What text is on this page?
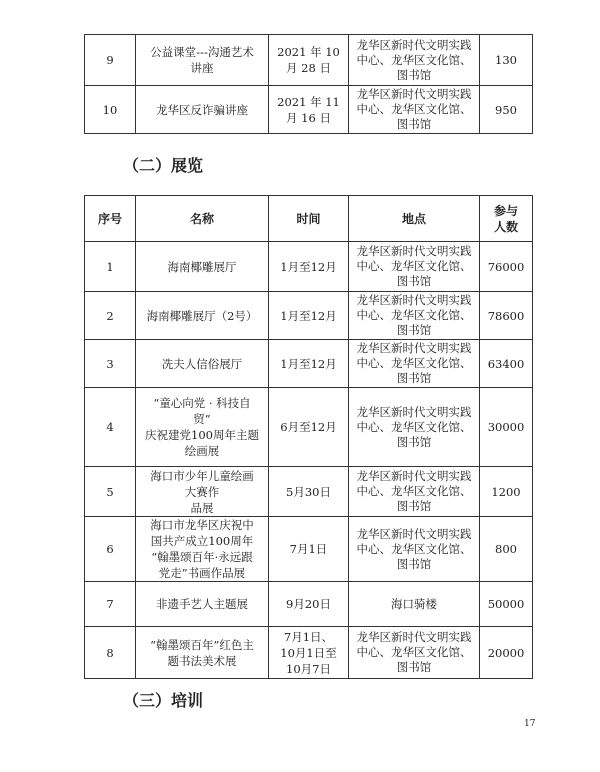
9	公益课堂---沟通艺术
讲座	2021 年 10
月 28 日	龙华区新时代文明实践
中心、龙华区文化馆、
图书馆	130
10	龙华区反诈骗讲座	2021 年 11
月 16 日	龙华区新时代文明实践
中心、龙华区文化馆、
图书馆	950
（二）展览
序号	名称	时间	地点	参与
人数
1	海南椰雕展厅	1月至12月	龙华区新时代文明实践
中心、龙华区文化馆、
图书馆	76000
2	海南椰雕展厅（2号）	1月至12月	龙华区新时代文明实践
中心、龙华区文化馆、
图书馆	78600
3	冼夫人信俗展厅	1月至12月	龙华区新时代文明实践
中心、龙华区文化馆、
图书馆	63400
4	“童心向党 · 科技自
贸”
庆祝建党100周年主题
绘画展	6月至12月	龙华区新时代文明实践
中心、龙华区文化馆、
图书馆	30000
5	海口市少年儿童绘画
大赛作
品展	5月30日	龙华区新时代文明实践
中心、龙华区文化馆、
图书馆	1200
6	海口市龙华区庆祝中
国共产成立100周年
“翰墨颂百年·永远跟
党走”书画作品展	7月1日	龙华区新时代文明实践
中心、龙华区文化馆、
图书馆	800
7	非遗手艺人主题展	9月20日	海口骑楼	50000
8	“翰墨颂百年”红色主
题书法美术展	7月1日、
10月1日至
10月7日	龙华区新时代文明实践
中心、龙华区文化馆、
图书馆	20000
（三）培训
17
